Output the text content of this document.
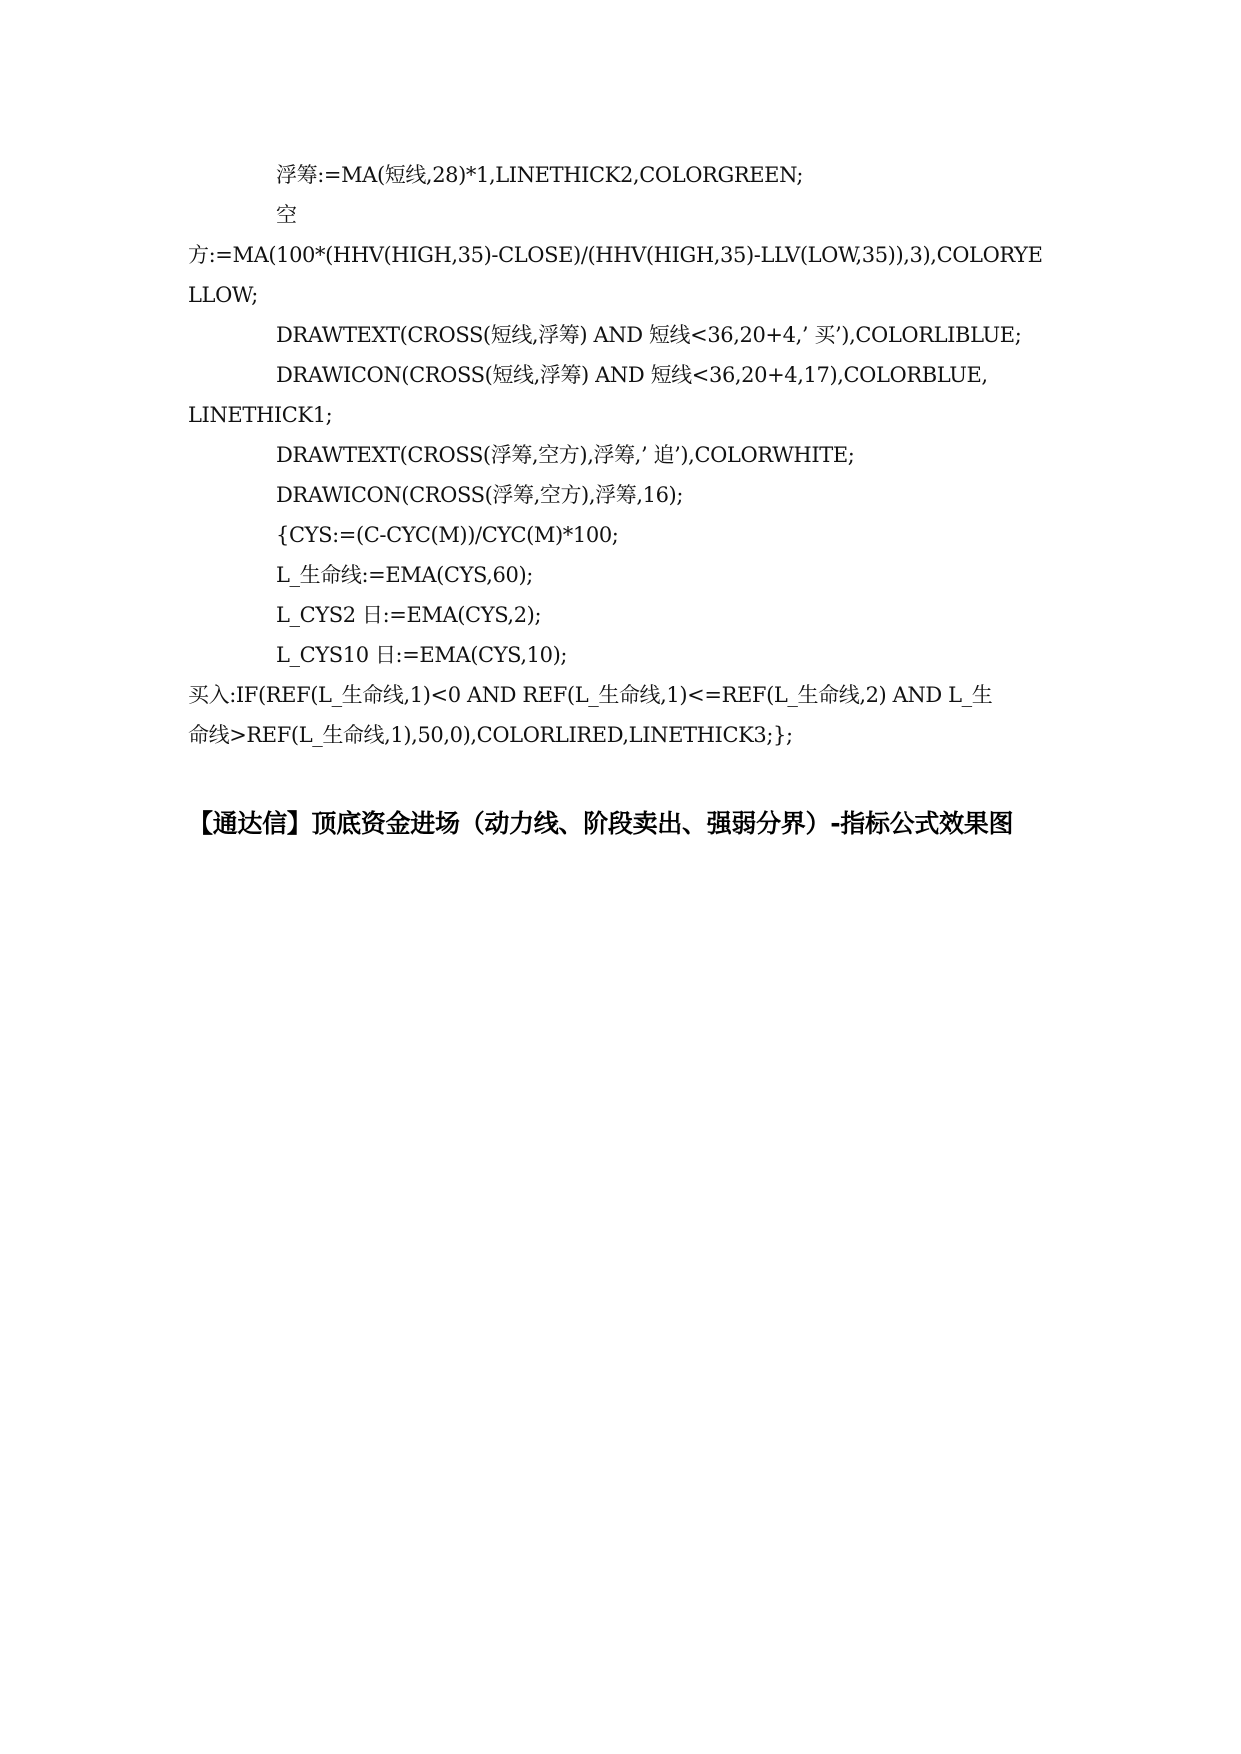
浮筹:=MA(短线,28)*1,LINETHICK2,COLORGREEN;
空
方:=MA(100*(HHV(HIGH,35)-CLOSE)/(HHV(HIGH,35)-LLV(LOW,35)),3),COLORYE
LLOW;
DRAWTEXT(CROSS(短线,浮筹) AND 短线<36,20+4,’ 买’),COLORLIBLUE;
DRAWICON(CROSS(短线,浮筹) AND 短线<36,20+4,17),COLORBLUE,
LINETHICK1;
DRAWTEXT(CROSS(浮筹,空方),浮筹,’ 追’),COLORWHITE;
DRAWICON(CROSS(浮筹,空方),浮筹,16);
{CYS:=(C-CYC(M))/CYC(M)*100;
L_生命线:=EMA(CYS,60);
L_CYS2 日:=EMA(CYS,2);
L_CYS10 日:=EMA(CYS,10);
买入:IF(REF(L_生命线,1)<0 AND REF(L_生命线,1)<=REF(L_生命线,2) AND L_生
命线>REF(L_生命线,1),50,0),COLORLIRED,LINETHICK3;};
【通达信】顶底资金进场（动力线、阶段卖出、强弱分界）-指标公式效果图
